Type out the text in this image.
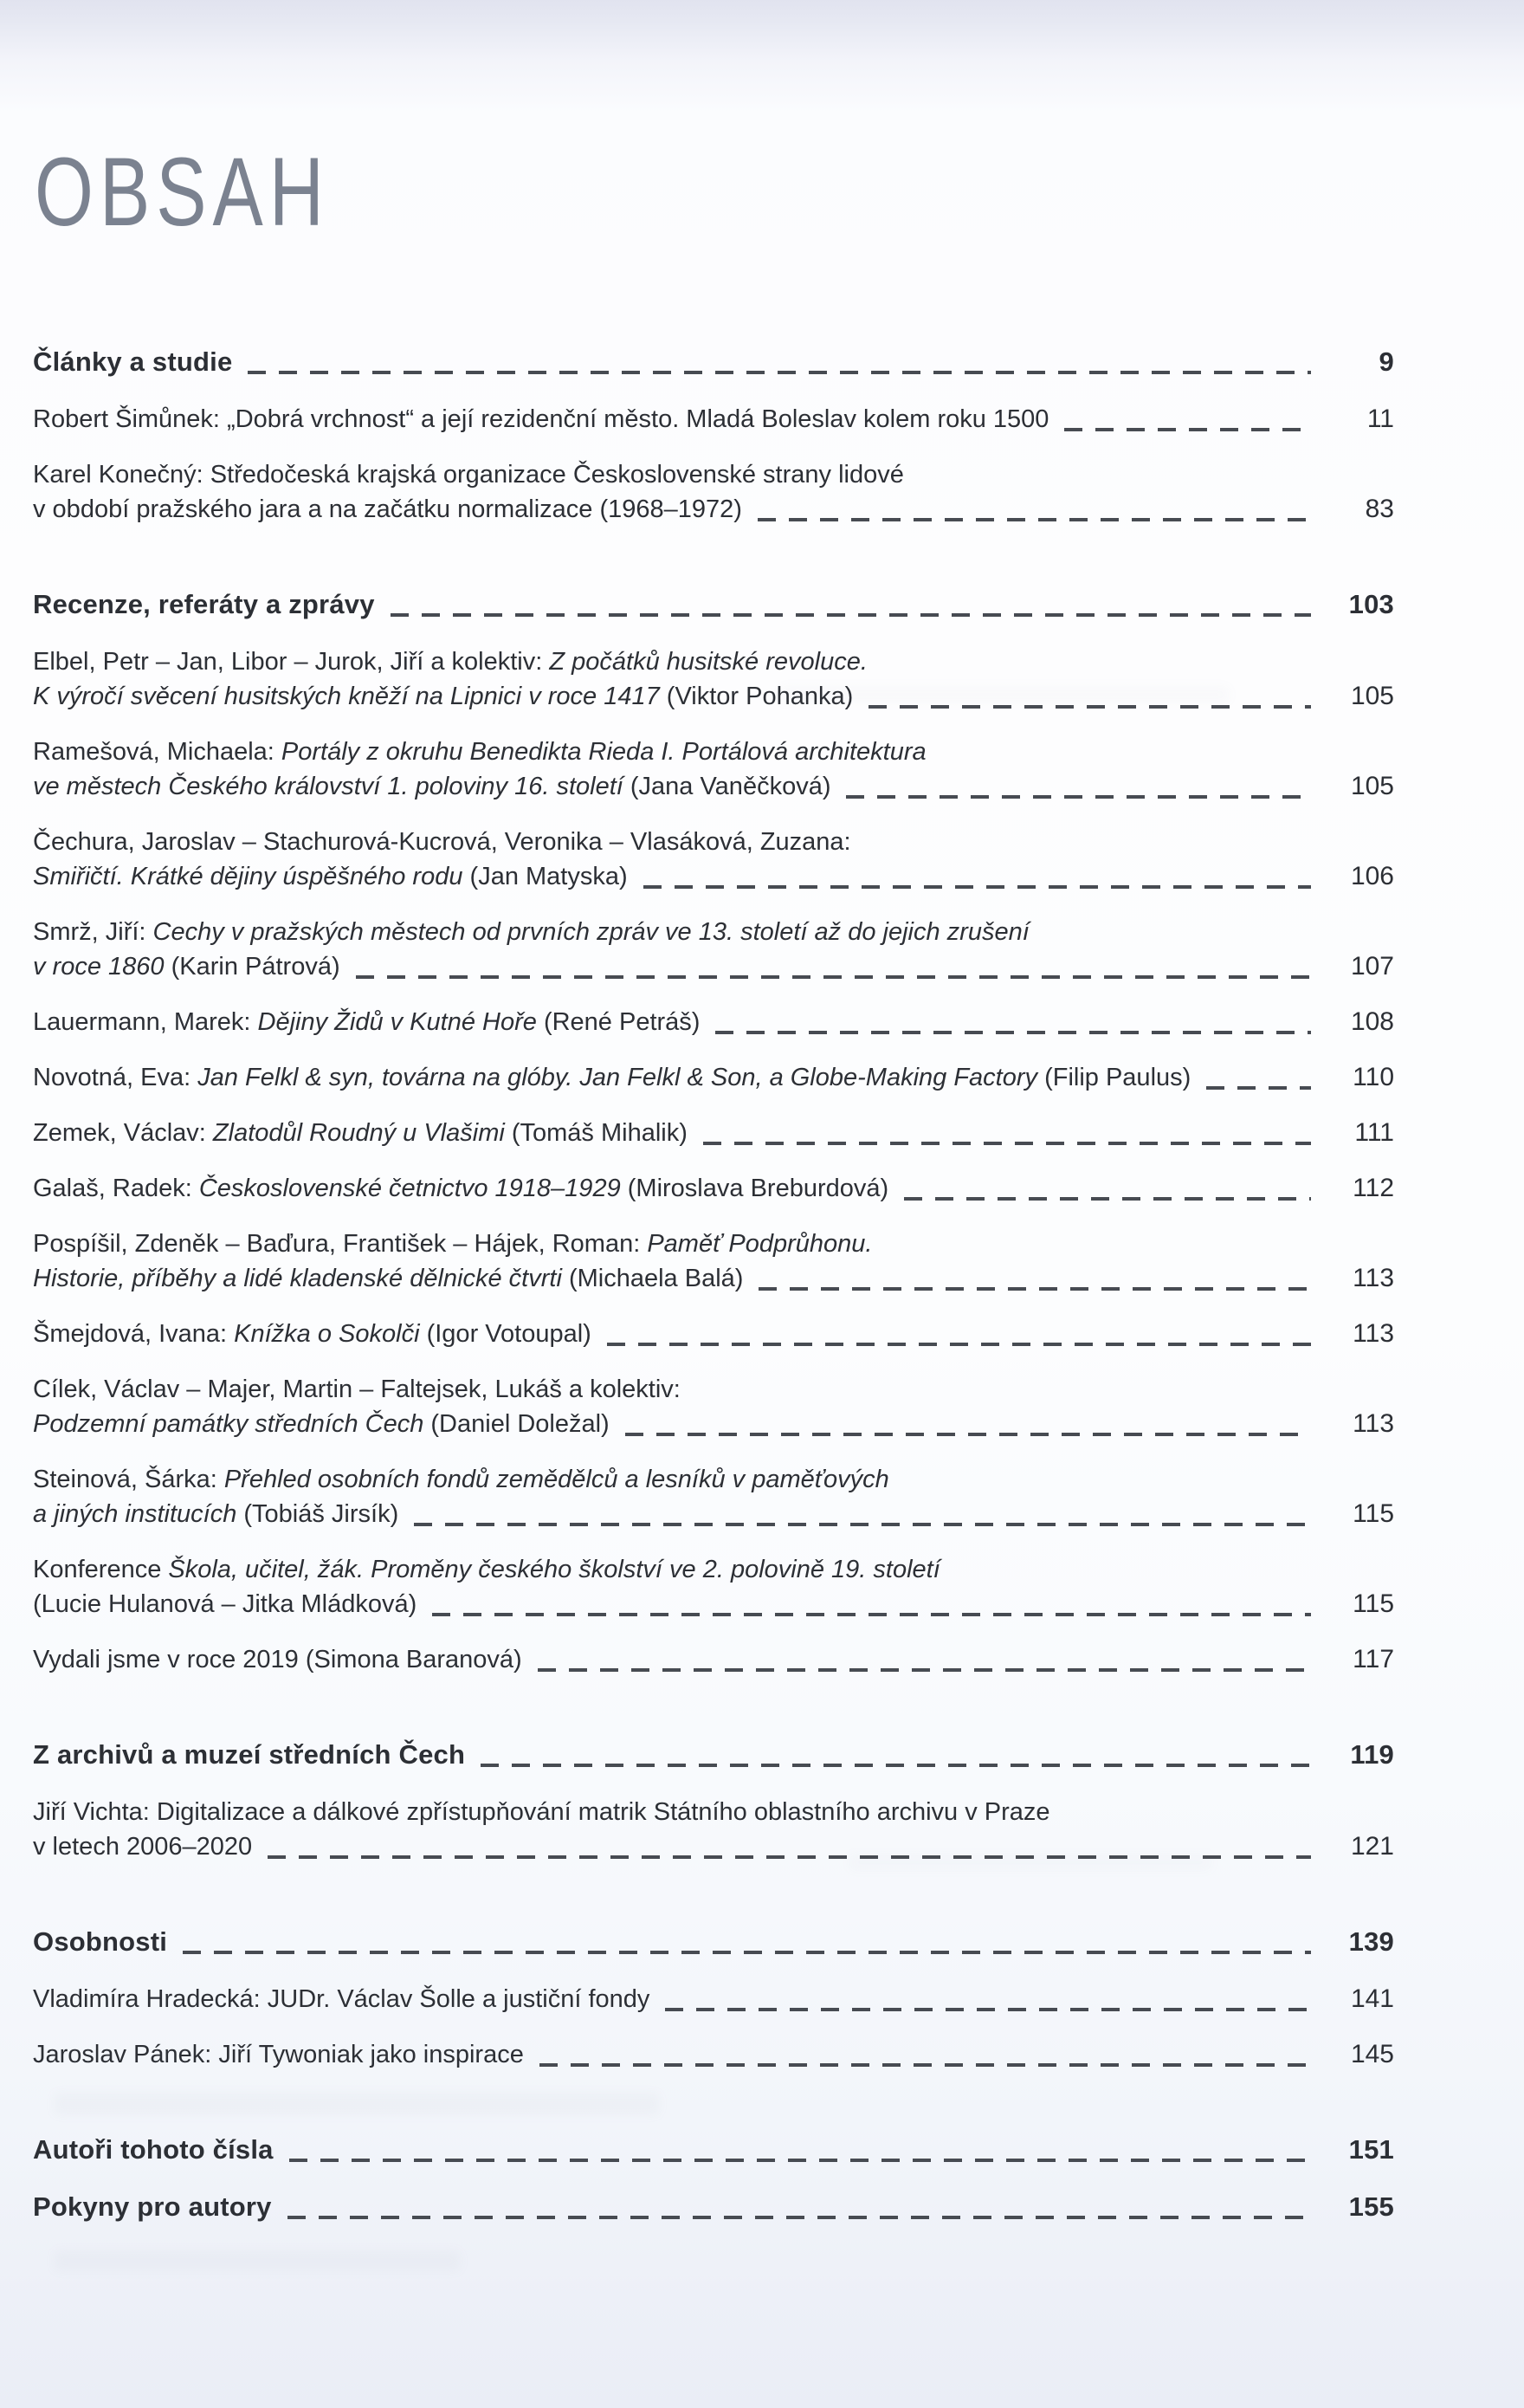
OBSAH
Články a studie	9
Robert Šimůnek: „Dobrá vrchnost“ a její rezidenční město. Mladá Boleslav kolem roku 1500	11
Karel Konečný: Středočeská krajská organizace Československé strany lidové
v období pražského jara a na začátku normalizace (1968–1972)	83
Recenze, referáty a zprávy	103
Elbel, Petr – Jan, Libor – Jurok, Jiří a kolektiv: Z počátků husitské revoluce.
K výročí svěcení husitských kněží na Lipnici v roce 1417 (Viktor Pohanka)	105
Ramešová, Michaela: Portály z okruhu Benedikta Rieda I. Portálová architektura
ve městech Českého království 1. poloviny 16. století (Jana Vaněčková)	105
Čechura, Jaroslav – Stachurová-Kucrová, Veronika – Vlasáková, Zuzana:
Smiřičtí. Krátké dějiny úspěšného rodu (Jan Matyska)	106
Smrž, Jiří: Cechy v pražských městech od prvních zpráv ve 13. století až do jejich zrušení
v roce 1860 (Karin Pátrová)	107
Lauermann, Marek: Dějiny Židů v Kutné Hoře (René Petráš)	108
Novotná, Eva: Jan Felkl & syn, továrna na glóby. Jan Felkl & Son, a Globe-Making Factory (Filip Paulus)	110
Zemek, Václav: Zlatodůl Roudný u Vlašimi (Tomáš Mihalik)	111
Galaš, Radek: Československé četnictvo 1918–1929 (Miroslava Breburdová)	112
Pospíšil, Zdeněk – Baďura, František – Hájek, Roman: Paměť Podprůhonu.
Historie, příběhy a lidé kladenské dělnické čtvrti (Michaela Balá)	113
Šmejdová, Ivana: Knížka o Sokolči (Igor Votoupal)	113
Cílek, Václav – Majer, Martin – Faltejsek, Lukáš a kolektiv:
Podzemní památky středních Čech (Daniel Doležal)	113
Steinová, Šárka: Přehled osobních fondů zemědělců a lesníků v paměťových
a jiných institucích (Tobiáš Jirsík)	115
Konference Škola, učitel, žák. Proměny českého školství ve 2. polovině 19. století
(Lucie Hulanová – Jitka Mládková)	115
Vydali jsme v roce 2019 (Simona Baranová)	117
Z archivů a muzeí středních Čech	119
Jiří Vichta: Digitalizace a dálkové zpřístupňování matrik Státního oblastního archivu v Praze
v letech 2006–2020	121
Osobnosti	139
Vladimíra Hradecká: JUDr. Václav Šolle a justiční fondy	141
Jaroslav Pánek: Jiří Tywoniak jako inspirace	145
Autoři tohoto čísla	151
Pokyny pro autory	155
